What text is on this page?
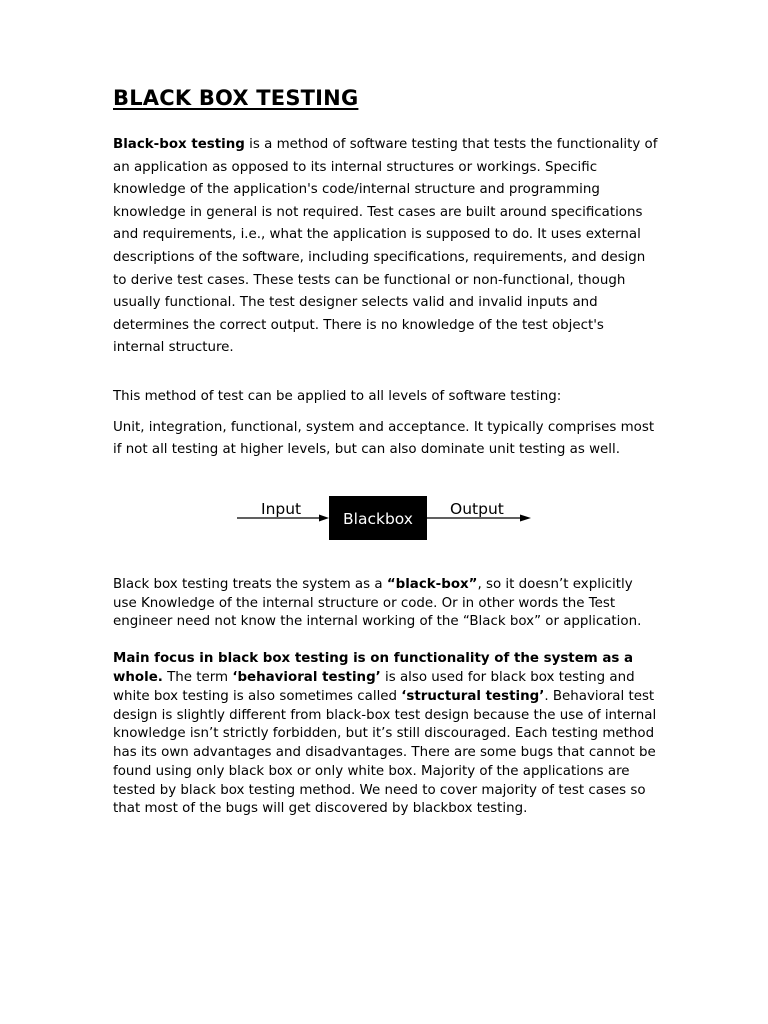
BLACK BOX TESTING

Black-box testing is a method of software testing that tests the functionality of an application as opposed to its internal structures or workings. Specific knowledge of the application's code/internal structure and programming knowledge in general is not required. Test cases are built around specifications and requirements, i.e., what the application is supposed to do. It uses external descriptions of the software, including specifications, requirements, and design to derive test cases. These tests can be functional or non-functional, though usually functional. The test designer selects valid and invalid inputs and determines the correct output. There is no knowledge of the test object's internal structure.

This method of test can be applied to all levels of software testing:

Unit, integration, functional, system and acceptance. It typically comprises most if not all testing at higher levels, but can also dominate unit testing as well.

Input
Blackbox
Output

Black box testing treats the system as a “black-box”, so it doesn’t explicitly use Knowledge of the internal structure or code. Or in other words the Test engineer need not know the internal working of the “Black box” or application.

Main focus in black box testing is on functionality of the system as a whole. The term ‘behavioral testing’ is also used for black box testing and white box testing is also sometimes called ‘structural testing’. Behavioral test design is slightly different from black-box test design because the use of internal knowledge isn’t strictly forbidden, but it’s still discouraged. Each testing method has its own advantages and disadvantages. There are some bugs that cannot be found using only black box or only white box. Majority of the applications are tested by black box testing method. We need to cover majority of test cases so that most of the bugs will get discovered by blackbox testing.
